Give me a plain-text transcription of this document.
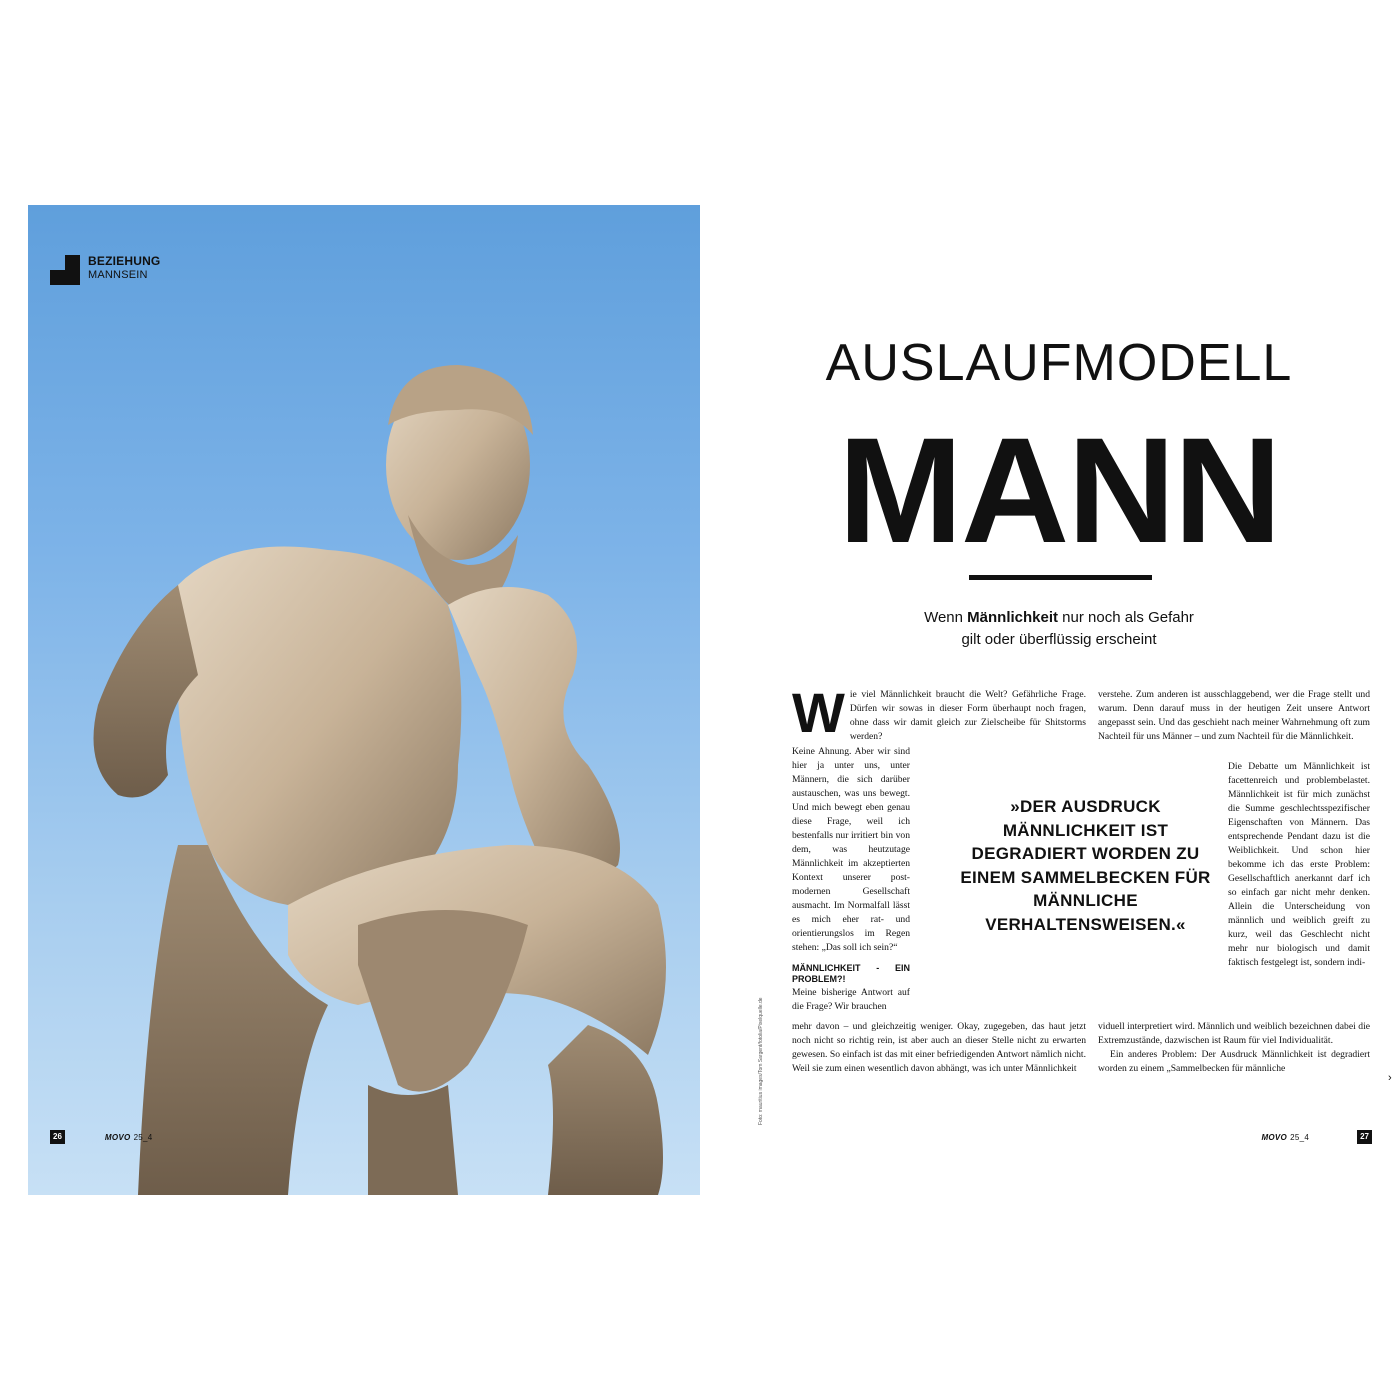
BEZIEHUNG
MANNSEIN
26	MOVO 25_4
Foto: mauritius images/Tom Sargent/fotolia/Pixelquelle.de
AUSLAUFMODELL
MANN
Wenn Männlichkeit nur noch als Gefahr
gilt oder überflüssig erscheint
W ie viel Männlichkeit braucht die Welt? Gefährliche Frage. Dürfen wir sowas in dieser Form überhaupt noch fragen, ohne dass wir damit gleich zur Zielscheibe für Shitstorms werden?
Keine Ahnung. Aber wir sind hier ja unter uns, unter Männern, die sich darüber austauschen, was uns bewegt. Und mich bewegt eben genau diese Frage, weil ich bestenfalls nur irritiert bin von dem, was heutzutage Männlichkeit im akzeptierten Kontext unserer post-modernen Gesellschaft ausmacht. Im Normalfall lässt es mich eher rat- und orientierungslos im Regen stehen: „Das soll ich sein?“
MÄNNLICHKEIT - EIN PROBLEM?!
Meine bisherige Antwort auf die Frage? Wir brauchen
mehr davon – und gleichzeitig weniger. Okay, zugegeben, das haut jetzt noch nicht so richtig rein, ist aber auch an dieser Stelle nicht zu erwarten gewesen. So einfach ist das mit einer befriedigenden Antwort nämlich nicht. Weil sie zum einen wesentlich davon abhängt, was ich unter Männlichkeit
verstehe. Zum anderen ist ausschlaggebend, wer die Frage stellt und warum. Denn darauf muss in der heutigen Zeit unsere Antwort angepasst sein. Und das geschieht nach meiner Wahrnehmung oft zum Nachteil für uns Männer – und zum Nachteil für die Männlichkeit.
Die Debatte um Männlichkeit ist facettenreich und problembelastet. Männlichkeit ist für mich zunächst die Summe geschlechtsspezifischer Eigenschaften von Männern. Das entsprechende Pendant dazu ist die Weiblichkeit. Und schon hier bekomme ich das erste Problem: Gesellschaftlich anerkannt darf ich so einfach gar nicht mehr denken. Allein die Unterscheidung von männlich und weiblich greift zu kurz, weil das Geschlecht nicht mehr nur biologisch und damit faktisch festgelegt ist, sondern indi-
viduell interpretiert wird. Männlich und weiblich bezeichnen dabei die Extremzustände, dazwischen ist Raum für viel Individualität.
Ein anderes Problem: Der Ausdruck Männlichkeit ist degradiert worden zu einem „Sammelbecken für männliche
›
»DER AUSDRUCK MÄNNLICHKEIT IST DEGRADIERT WORDEN ZU EINEM SAMMELBECKEN FÜR MÄNNLICHE VERHALTENSWEISEN.«
MOVO 25_4	27
